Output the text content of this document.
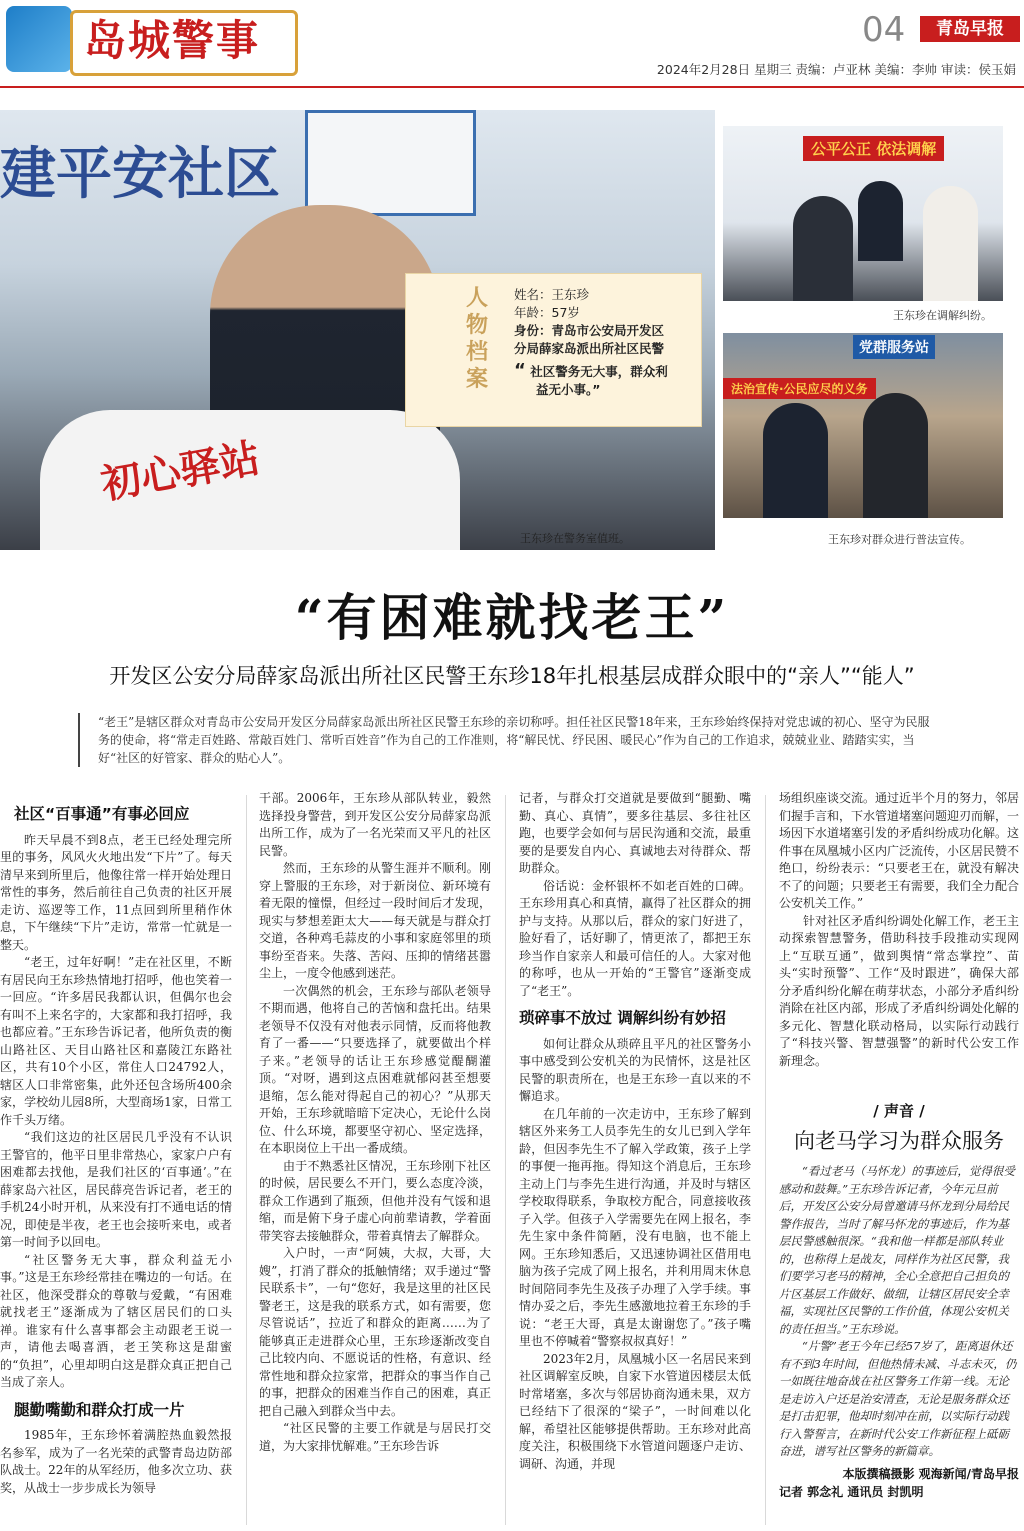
岛城警事	04	青岛早报
2024年2月28日 星期三 责编：卢亚林 美编：李帅 审读：侯玉娟
建平安社区
初心驿站
王东珍在警务室值班。
人物档案
姓名：王东珍
年龄：57岁
身份：青岛市公安局开发区
分局薛家岛派出所社区民警
“ 社区警务无大事，群众利
益无小事。”
公平公正 依法调解
王东珍在调解纠纷。
党群服务站
法治宣传·公民应尽的义务
王东珍对群众进行普法宣传。
“有困难就找老王”
开发区公安分局薛家岛派出所社区民警王东珍18年扎根基层成群众眼中的“亲人”“能人”
“老王”是辖区群众对青岛市公安局开发区分局薛家岛派出所社区民警王东珍的亲切称呼。担任社区民警18年来，王东珍始终保持对党忠诚的初心、坚守为民服务的使命，将“常走百姓路、常敲百姓门、常听百姓音”作为自己的工作准则，将“解民忧、纾民困、暖民心”作为自己的工作追求，兢兢业业、踏踏实实，当好“社区的好管家、群众的贴心人”。
社区“百事通”有事必回应

昨天早晨不到8点，老王已经处理完所里的事务，风风火火地出发“下片”了。每天清早来到所里后，他像往常一样开始处理日常性的事务，然后前往自己负责的社区开展走访、巡逻等工作，11点回到所里稍作休息，下午继续“下片”走访，常常一忙就是一整天。

“老王，过年好啊！”走在社区里，不断有居民向王东珍热情地打招呼，他也笑着一一回应。“许多居民我都认识，但偶尔也会有叫不上来名字的，大家都和我打招呼，我也都应着。”王东珍告诉记者，他所负责的衡山路社区、天目山路社区和嘉陵江东路社区，共有10个小区，常住人口24792人，辖区人口非常密集，此外还包含场所400余家，学校幼儿园8所，大型商场1家，日常工作千头万绪。

“我们这边的社区居民几乎没有不认识王警官的，他平日里非常热心，家家户户有困难都去找他，是我们社区的‘百事通’。”在薛家岛六社区，居民薛亮告诉记者，老王的手机24小时开机，从来没有打不通电话的情况，即使是半夜，老王也会接听来电，或者第一时间予以回电。

“社区警务无大事，群众利益无小事。”这是王东珍经常挂在嘴边的一句话。在社区，他深受群众的尊敬与爱戴，“有困难就找老王”逐渐成为了辖区居民们的口头禅。谁家有什么喜事都会主动跟老王说一声，请他去喝喜酒，老王笑称这是甜蜜的“负担”，心里却明白这是群众真正把自己当成了亲人。

腿勤嘴勤和群众打成一片

1985年，王东珍怀着满腔热血毅然报名参军，成为了一名光荣的武警青岛边防部队战士。22年的从军经历，他多次立功、获奖，从战士一步步成长为领导

干部。2006年，王东珍从部队转业，毅然选择投身警营，到开发区公安分局薛家岛派出所工作，成为了一名光荣而又平凡的社区民警。

然而，王东珍的从警生涯并不顺利。刚穿上警服的王东珍，对于新岗位、新环境有着无限的憧憬，但经过一段时间后才发现，现实与梦想差距太大——每天就是与群众打交道，各种鸡毛蒜皮的小事和家庭邻里的琐事纷至沓来。失落、苦闷、压抑的情绪甚嚣尘上，一度令他感到迷茫。

一次偶然的机会，王东珍与部队老领导不期而遇，他将自己的苦恼和盘托出。结果老领导不仅没有对他表示同情，反而将他教育了一番——“只要选择了，就要做出个样子来。”老领导的话让王东珍感觉醍醐灌顶。“对呀，遇到这点困难就郁闷甚至想要退缩，怎么能对得起自己的初心？”从那天开始，王东珍就暗暗下定决心，无论什么岗位、什么环境，都要坚守初心、坚定选择，在本职岗位上干出一番成绩。

由于不熟悉社区情况，王东珍刚下社区的时候，居民要么不开门，要么态度冷淡，群众工作遇到了瓶颈，但他并没有气馁和退缩，而是俯下身子虚心向前辈请教，学着面带笑容去接触群众，带着真情去了解群众。

入户时，一声“阿姨，大叔，大哥，大嫂”，打消了群众的抵触情绪；双手递过“警民联系卡”，一句“您好，我是这里的社区民警老王，这是我的联系方式，如有需要，您尽管说话”，拉近了和群众的距离……为了能够真正走进群众心里，王东珍逐渐改变自己比较内向、不愿说话的性格，有意识、经常性地和群众拉家常，把群众的事当作自己的事，把群众的困难当作自己的困难，真正把自己融入到群众当中去。

“社区民警的主要工作就是与居民打交道，为大家排忧解难。”王东珍告诉

记者，与群众打交道就是要做到“腿勤、嘴勤、真心、真情”，要多往基层、多往社区跑，也要学会如何与居民沟通和交流，最重要的是要发自内心、真诚地去对待群众、帮助群众。

俗话说：金杯银杯不如老百姓的口碑。王东珍用真心和真情，赢得了社区群众的拥护与支持。从那以后，群众的家门好进了，脸好看了，话好聊了，情更浓了，都把王东珍当作自家亲人和最可信任的人。大家对他的称呼，也从一开始的“王警官”逐渐变成了“老王”。

琐碎事不放过 调解纠纷有妙招

如何让群众从琐碎且平凡的社区警务小事中感受到公安机关的为民情怀，这是社区民警的职责所在，也是王东珍一直以来的不懈追求。

在几年前的一次走访中，王东珍了解到辖区外来务工人员李先生的女儿已到入学年龄，但因李先生不了解入学政策，孩子上学的事便一拖再拖。得知这个消息后，王东珍主动上门与李先生进行沟通，并及时与辖区学校取得联系，争取校方配合，同意接收孩子入学。但孩子入学需要先在网上报名，李先生家中条件简陋，没有电脑，也不能上网。王东珍知悉后，又迅速协调社区借用电脑为孩子完成了网上报名，并利用周末休息时间陪同李先生及孩子办理了入学手续。事情办妥之后，李先生感激地拉着王东珍的手说：“老王大哥，真是太谢谢您了。”孩子嘴里也不停喊着“警察叔叔真好！”

2023年2月，凤凰城小区一名居民来到社区调解室反映，自家下水管道因楼层太低时常堵塞，多次与邻居协商沟通未果，双方已经结下了很深的“梁子”，一时间难以化解，希望社区能够提供帮助。王东珍对此高度关注，积极围绕下水管道问题逐户走访、调研、沟通，并现

场组织座谈交流。通过近半个月的努力，邻居们握手言和，下水管道堵塞问题迎刃而解，一场因下水道堵塞引发的矛盾纠纷成功化解。这件事在凤凰城小区内广泛流传，小区居民赞不绝口，纷纷表示：“只要老王在，就没有解决不了的问题；只要老王有需要，我们全力配合公安机关工作。”

针对社区矛盾纠纷调处化解工作，老王主动探索智慧警务，借助科技手段推动实现网上“互联互通”，做到舆情“常态掌控”、苗头“实时预警”、工作“及时跟进”，确保大部分矛盾纠纷化解在萌芽状态，小部分矛盾纠纷消除在社区内部，形成了矛盾纠纷调处化解的多元化、智慧化联动格局，以实际行动践行了“科技兴警、智慧强警”的新时代公安工作新理念。

/ 声音 /
向老马学习为群众服务

“看过老马（马怀龙）的事迹后，觉得很受感动和鼓舞。”王东珍告诉记者，今年元旦前后，开发区公安分局曾邀请马怀龙到分局给民警作报告，当时了解马怀龙的事迹后，作为基层民警感触很深。“我和他一样都是部队转业的，也称得上是战友，同样作为社区民警，我们要学习老马的精神，全心全意把自己担负的片区基层工作做好、做细，让辖区居民安全幸福，实现社区民警的工作价值，体现公安机关的责任担当。”王东珍说。

“片警”老王今年已经57岁了，距离退休还有不到3年时间，但他热情未减、斗志未灭，仍一如既往地奋战在社区警务工作第一线。无论是走访入户还是治安清查，无论是服务群众还是打击犯罪，他却时刻冲在前，以实际行动践行入警誓言，在新时代公安工作新征程上砥砺奋进，谱写社区警务的新篇章。

本版撰稿摄影 观海新闻/青岛早报
记者 郭念礼 通讯员 封凯明
